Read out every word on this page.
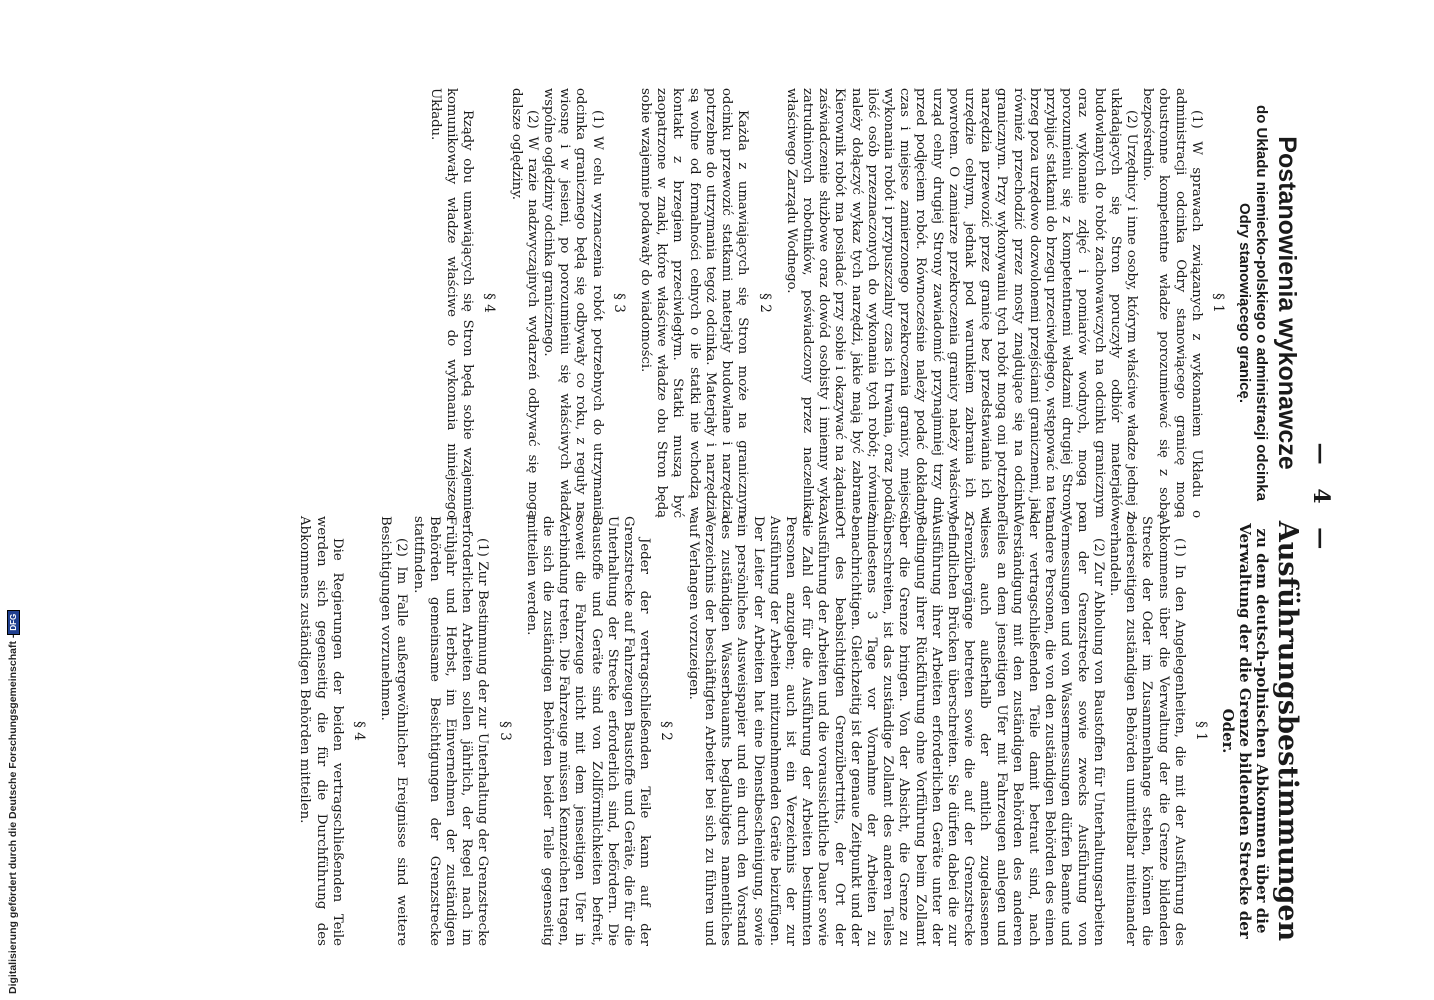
— 4 —
Postanowienia wykonawcze
do Układu niemiecko-polskiego o administracji odcinka Odry stanowiącego granicę.
§ 1

(1) W sprawach związanych z wykonaniem Układu o administracji odcinka Odry stanowiącego granicę mogą obustronne kompetentne władze porozumiewać się z sobą bezpośrednio.

(2) Urzędnicy i inne osoby, którym właściwe władze jednej z układających się Stron poruczyły odbiór materjałów budowlanych do robót zachowawczych na odcinku granicznym oraz wykonanie zdjęć i pomiarów wodnych, mogą po porozumieniu się z kompetentnemi władzami drugiej Strony przybijać statkami do brzegu przeciwległego, wstępować na ten brzeg poza urzędowo dozwolonemi przejściami granicznemi, jak również przechodzić przez mosty znajdujące się na odcinku granicznym. Przy wykonywaniu tych robót mogą oni potrzebne narzędzia przewozić przez granicę bez przedstawiania ich w urzędzie celnym, jednak pod warunkiem zabrania ich z powrotem. O zamiarze przekroczenia granicy należy właściwy urząd celny drugiej Strony zawiadomić przynajmniej trzy dni przed podjęciem robót. Równocześnie należy podać dokładny czas i miejsce zamierzonego przekroczenia granicy, miejsce wykonania robót i przypuszczalny czas ich trwania, oraz podać ilość osób przeznaczonych do wykonania tych robót; również należy dołączyć wykaz tych narzędzi, jakie mają być zabrane. Kierownik robót ma posiadać przy sobie i okazywać na żądanie zaświadczenie służbowe oraz dowód osobisty i imienny wykaz zatrudnionych robotników, poświadczony przez naczelnika właściwego Zarządu Wodnego.

§ 2

Każda z umawiających się Stron może na granicznym odcinku przewozić statkami materjały budowlane i narzędzia potrzebne do utrzymania tegoż odcinka. Materjały i narzędzia są wolne od formalności celnych o ile statki nie wchodzą w kontakt z brzegiem przeciwległym. Statki muszą być zaopatrzone w znaki, które właściwe władze obu Stron będą sobie wzajemnie podawały do wiadomości.

§ 3

(1) W celu wyznaczenia robót potrzebnych do utrzymania odcinka granicznego będą się odbywały co roku, z reguły na wiosnę i w jesieni, po porozumieniu się właściwych władz wspólne oględziny odcinka granicznego.

(2) W razie nadzwyczajnych wydarzeń odbywać się mogą dalsze oględziny.

§ 4

Rządy obu umawiających się Stron będą sobie wzajemnie komunikowały władze właściwe do wykonania niniejszego Układu.

Ausführungsbestimmungen
zu dem deutsch-polnischen Abkommen über die Verwaltung der die Grenze bildenden Strecke der Oder.
§ 1

(1) In den Angelegenheiten, die mit der Ausführung des Abkommens über die Verwaltung der die Grenze bildenden Strecke der Oder im Zusammenhange stehen, können die beiderseitigen zuständigen Behörden unmittelbar miteinander verhandeln.

(2) Zur Abholung von Baustoffen für Unterhaltungsarbeiten an der Grenzstrecke sowie zwecks Ausführung von Vermessungen und von Wassermessungen dürfen Beamte und andere Personen, die von den zuständigen Behörden des einen der vertragschließenden Teile damit betraut sind, nach Verständigung mit den zuständigen Behörden des anderen Teiles an dem jenseitigen Ufer mit Fahrzeugen anlegen und dieses auch außerhalb der amtlich zugelassenen Grenzübergänge betreten sowie die auf der Grenzstrecke befindlichen Brücken überschreiten. Sie dürfen dabei die zur Ausführung ihrer Arbeiten erforderlichen Geräte unter der Bedingung ihrer Rückführung ohne Vorführung beim Zollamt über die Grenze bringen. Von der Absicht, die Grenze zu überschreiten, ist das zuständige Zollamt des anderen Teiles mindestens 3 Tage vor Vornahme der Arbeiten zu benachrichtigen. Gleichzeitig ist der genaue Zeitpunkt und der Ort des beabsichtigten Grenzübertritts, der Ort der Ausführung der Arbeiten und die voraussichtliche Dauer sowie die Zahl der für die Ausführung der Arbeiten bestimmten Personen anzugeben; auch ist ein Verzeichnis der zur Ausführung der Arbeiten mitzunehmenden Geräte beizufügen. Der Leiter der Arbeiten hat eine Dienstbescheinigung, sowie ein persönliches Ausweispapier und ein durch den Vorstand des zuständigen Wasserbauamts beglaubigtes namentliches Verzeichnis der beschäftigten Arbeiter bei sich zu führen und auf Verlangen vorzuzeigen.

§ 2

Jeder der vertragschließenden Teile kann auf der Grenzstrecke auf Fahrzeugen Baustoffe und Geräte, die für die Unterhaltung der Strecke erforderlich sind, befördern. Die Baustoffe und Geräte sind von Zollförmlichkeiten befreit, soweit die Fahrzeuge nicht mit dem jenseitigen Ufer in Verbindung treten. Die Fahrzeuge müssen Kennzeichen tragen, die sich die zuständigen Behörden beider Teile gegenseitig mitteilen werden.

§ 3

(1) Zur Bestimmung der zur Unterhaltung der Grenzstrecke erforderlichen Arbeiten sollen jährlich, der Regel nach im Frühjahr und Herbst, im Einvernehmen der zuständigen Behörden gemeinsame Besichtigungen der Grenzstrecke stattfinden.

(2) Im Falle außergewöhnlicher Ereignisse sind weitere Besichtigungen vorzunehmen.

§ 4

Die Regierungen der beiden vertragschließenden Teile werden sich gegenseitig die für die Durchführung des Abkommens zuständigen Behörden mitteilen.

Digitalisierung gefördert durch die Deutsche Forschungsgemeinschaft -
DFG
